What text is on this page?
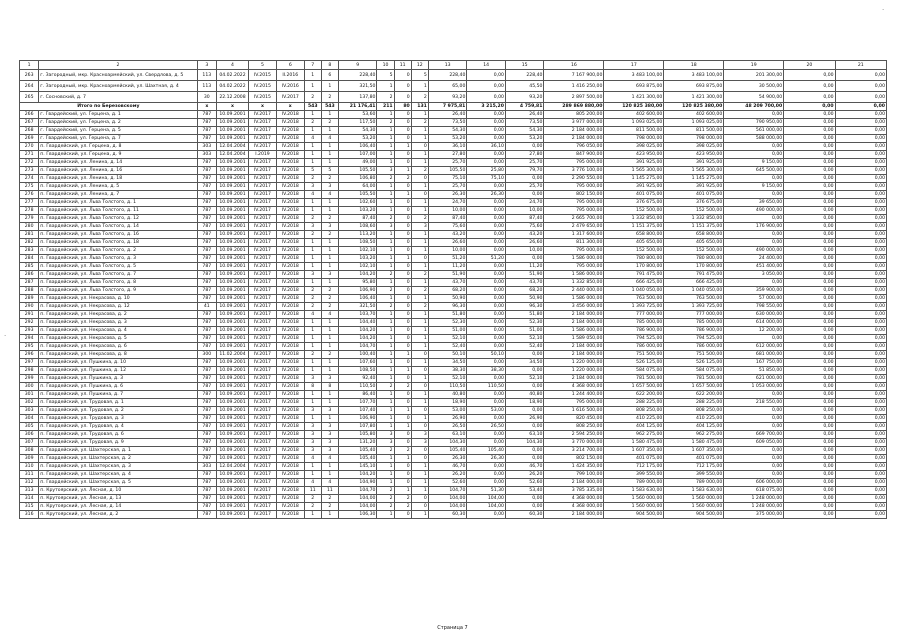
.
.
1	2	3	4	5	6	7	8	9	10	11	12	13	14	15	16	17	18	19	20	21
263	г. Загородный, мкр. Красноармейский, ул. Свердлова, д. 5	113	04.02.2022	IV.2015	II.2016	1	6	228,40	5	0	5	228,40	0,00	228,40	7 167 900,00	3 483 100,00	3 483 100,00	201 300,00	0,00	0,00
264	г. Загородный, мкр. Красноармейский, ул. Шахтная, д. 4	113	04.02.2022	IV.2015	IV.2016	1	1	321,50	1	0	1	65,00	0,00	45,50	1 416 250,00	693 875,00	693 875,00	30 500,00	0,00	0,00
265	г. Сосновский, д. 7	30	22.12.2008	IV.2015	IV.2017	2	2	137,80	2	0	2	93,20	0,00	93,20	2 897 500,00	1 421 300,00	1 421 300,00	54 900,00	0,00	0,00
Итого по Березовскому		x	x	x	x	543	543	21 176,41	211	80	131	7 975,81	3 215,20	4 759,81	289 869 880,00	120 825 380,00	120 825 380,00	48 209 700,00	0,00	0,00
266	г. Гвардейский, ул. Герцена, д. 1	787	10.09.2001	IV.2017	IV.2018	1	1	53,60	1	0	1	26,40	0,00	26,40	805 200,00	402 600,00	402 600,00	0,00	0,00	0,00
267	г. Гвардейский, ул. Герцена, д. 2	787	10.09.2001	IV.2017	IV.2018	2	2	117,50	2	0	2	73,50	0,00	73,50	3 977 000,00	1 093 025,00	1 093 025,00	790 950,00	0,00	0,00
268	г. Гвардейский, ул. Герцена, д. 5	787	10.09.2001	IV.2017	IV.2018	1	1	54,30	1	0	1	54,30	0,00	54,30	2 184 000,00	811 500,00	811 500,00	561 000,00	0,00	0,00
269	г. Гвардейский, ул. Герцена, д. 7	787	10.09.2001	IV.2017	IV.2018	4	4	53,20	1	0	1	53,20	0,00	53,20	2 184 000,00	798 000,00	798 000,00	588 000,00	0,00	0,00
270	п. Гвардейский, ул. Герцена, д. 8	303	12.04.2004	IV.2017	IV.2018	1	1	106,40	1	1	0	36,10	36,10	0,00	796 050,00	398 025,00	398 025,00	0,00	0,00	0,00
271	п. Гвардейский, ул. Герцена, д. 9	303	12.04.2004	I.2019	IV.2018	1	1	107,00	1	0	1	27,80	0,00	27,80	847 900,00	423 950,00	423 950,00	0,00	0,00	0,00
272	п. Гвардейский, ул. Ленина, д. 14	787	10.09.2001	IV.2017	IV.2018	1	1	49,00	1	0	1	25,70	0,00	25,70	795 000,00	391 925,00	391 925,00	9 150,00	0,00	0,00
273	п. Гвардейский, ул. Ленина, д. 16	787	10.09.2001	IV.2017	IV.2018	5	5	105,50	3	1	2	105,50	25,80	79,70	3 776 100,00	1 565 300,00	1 565 300,00	645 500,00	0,00	0,00
274	п. Гвардейский, ул. Ленина, д. 18	787	10.09.2001	IV.2017	IV.2018	2	2	106,80	2	2	0	75,10	75,10	0,00	2 290 550,00	1 145 275,00	1 145 275,00	0,00	0,00	0,00
275	п. Гвардейский, ул. Ленина, д. 5	787	10.09.2001	IV.2017	IV.2018	3	3	64,00	1	0	1	25,70	0,00	25,70	795 000,00	391 925,00	391 925,00	9 150,00	0,00	0,00
276	п. Гвардейский, ул. Ленина, д. 7	787	10.09.2001	IV.2017	IV.2018	4	4	105,50	1	1	0	26,30	26,30	0,00	802 150,00	401 075,00	401 075,00	0,00	0,00	0,00
277	п. Гвардейский, ул. Льва Толстого, д. 1	787	10.09.2001	IV.2017	IV.2018	1	1	102,60	1	0	1	24,70	0,00	24,70	795 000,00	376 675,00	376 675,00	39 650,00	0,00	0,00
278	п. Гвардейский, ул. Льва Толстого, д. 11	787	10.09.2001	IV.2017	IV.2018	1	1	103,20	1	0	1	10,00	0,00	10,00	795 000,00	152 500,00	152 500,00	490 000,00	0,00	0,00
279	п. Гвардейский, ул. Льва Толстого, д. 12	787	10.09.2001	IV.2017	IV.2018	2	2	87,40	2	0	2	87,40	0,00	87,40	2 665 700,00	1 332 850,00	1 332 850,00	0,00	0,00	0,00
280	п. Гвардейский, ул. Льва Толстого, д. 14	787	10.09.2001	IV.2017	IV.2018	3	3	108,60	3	0	3	75,60	0,00	75,60	2 479 650,00	1 151 375,00	1 151 375,00	176 900,00	0,00	0,00
281	п. Гвардейский, ул. Льва Толстого, д. 16	787	10.09.2001	IV.2017	IV.2018	2	2	113,20	1	0	1	43,20	0,00	43,20	1 317 600,00	658 800,00	658 800,00	0,00	0,00	0,00
282	п. Гвардейский, ул. Льва Толстого, д. 18	787	10.09.2001	IV.2017	IV.2018	1	1	108,50	1	0	1	26,60	0,00	26,60	811 300,00	405 650,00	405 650,00	0,00	0,00	0,00
283	п. Гвардейский, ул. Льва Толстого, д. 2	787	10.09.2001	IV.2017	IV.2018	1	1	102,10	1	0	1	10,00	0,00	10,00	795 000,00	152 500,00	152 500,00	490 000,00	0,00	0,00
284	п. Гвардейский, ул. Льва Толстого, д. 3	787	10.09.2001	IV.2017	IV.2018	1	1	103,20	1	1	0	51,20	51,20	0,00	1 586 000,00	780 800,00	780 800,00	24 400,00	0,00	0,00
285	п. Гвардейский, ул. Льва Толстого, д. 5	787	10.09.2001	IV.2017	IV.2018	1	1	102,10	1	0	1	11,20	0,00	11,20	795 000,00	170 800,00	170 800,00	451 400,00	0,00	0,00
286	п. Гвардейский, ул. Льва Толстого, д. 7	787	10.09.2001	IV.2017	IV.2018	3	3	104,20	2	0	2	51,90	0,00	51,90	1 586 000,00	791 475,00	791 475,00	3 050,00	0,00	0,00
287	п. Гвардейский, ул. Льва Толстого, д. 8	787	10.09.2001	IV.2017	IV.2018	1	1	95,80	1	0	1	43,70	0,00	43,70	1 332 850,00	666 425,00	666 425,00	0,00	0,00	0,00
288	п. Гвардейский, ул. Льва Толстого, д. 9	787	10.09.2001	IV.2017	IV.2018	2	2	106,90	2	0	2	68,20	0,00	68,20	2 440 000,00	1 040 050,00	1 040 050,00	359 900,00	0,00	0,00
289	п. Гвардейский, ул. Некрасова, д. 10	787	10.09.2001	IV.2017	IV.2018	2	2	106,40	1	0	1	50,90	0,00	50,90	1 586 000,00	763 500,00	763 500,00	57 000,00	0,00	0,00
290	п. Гвардейский, ул. Некрасова, д. 12	41	10.09.2001	IV.2017	IV.2018	2	2	321,50	2	0	2	96,30	0,00	96,30	3 456 000,00	1 393 725,00	1 393 725,00	798 550,00	0,00	0,00
291	п. Гвардейский, ул. Некрасова, д. 2	787	10.09.2001	IV.2017	IV.2018	4	4	103,70	1	0	1	51,80	0,00	51,80	2 184 000,00	777 000,00	777 000,00	630 000,00	0,00	0,00
292	п. Гвардейский, ул. Некрасова, д. 3	787	10.09.2001	IV.2017	IV.2018	1	1	104,40	1	0	1	52,30	0,00	52,30	2 184 000,00	785 000,00	785 000,00	614 000,00	0,00	0,00
293	п. Гвардейский, ул. Некрасова, д. 4	787	10.09.2001	IV.2017	IV.2018	1	1	104,20	1	0	1	51,00	0,00	51,00	1 586 000,00	786 900,00	786 900,00	12 200,00	0,00	0,00
294	п. Гвардейский, ул. Некрасова, д. 5	787	10.09.2001	IV.2017	IV.2018	1	1	104,20	1	0	1	52,10	0,00	52,10	1 589 050,00	794 525,00	794 525,00	0,00	0,00	0,00
295	п. Гвардейский, ул. Некрасова, д. 6	787	10.09.2001	IV.2017	IV.2018	1	1	104,70	1	0	1	52,40	0,00	52,40	2 184 000,00	786 000,00	786 000,00	612 000,00	0,00	0,00
296	п. Гвардейский, ул. Некрасова, д. 8	300	11.02.2004	IV.2017	IV.2018	2	2	100,40	1	1	0	50,10	50,10	0,00	2 184 000,00	751 500,00	751 500,00	681 000,00	0,00	0,00
297	п. Гвардейский, ул. Пушкина, д. 10	787	10.09.2001	IV.2017	IV.2018	1	1	107,60	1	0	1	34,50	0,00	34,50	1 220 000,00	526 125,00	526 125,00	167 750,00	0,00	0,00
298	п. Гвардейский, ул. Пушкина, д. 12	787	10.09.2001	IV.2017	IV.2018	1	1	108,50	1	1	0	38,30	38,30	0,00	1 220 000,00	584 075,00	584 075,00	51 850,00	0,00	0,00
299	п. Гвардейский, ул. Пушкина, д. 3	787	10.09.2001	IV.2017	IV.2018	3	3	92,40	1	0	1	52,10	0,00	52,10	2 184 000,00	781 500,00	781 500,00	621 000,00	0,00	0,00
300	п. Гвардейский, ул. Пушкина, д. 6	787	10.09.2001	IV.2017	IV.2018	8	8	110,50	2	2	0	110,50	110,50	0,00	4 368 000,00	1 657 500,00	1 657 500,00	1 053 000,00	0,00	0,00
301	п. Гвардейский, ул. Пушкина, д. 7	787	10.09.2001	IV.2017	IV.2018	1	1	86,40	1	0	1	40,80	0,00	40,80	1 244 400,00	622 200,00	622 200,00	0,00	0,00	0,00
302	п. Гвардейский, ул. Трудовая, д. 1	787	10.09.2001	IV.2017	IV.2018	1	1	107,70	1	0	1	18,90	0,00	18,90	795 000,00	288 225,00	288 225,00	218 550,00	0,00	0,00
303	п. Гвардейский, ул. Трудовая, д. 2	787	10.09.2001	IV.2017	IV.2018	3	3	107,40	1	1	0	53,00	53,00	0,00	1 616 500,00	808 250,00	808 250,00	0,00	0,00	0,00
304	п. Гвардейский, ул. Трудовая, д. 3	787	10.09.2001	IV.2017	IV.2018	1	1	106,90	1	0	1	26,90	0,00	26,90	820 450,00	410 225,00	410 225,00	0,00	0,00	0,00
305	п. Гвардейский, ул. Трудовая, д. 4	787	10.09.2001	IV.2017	IV.2018	3	3	107,80	1	1	0	26,50	26,50	0,00	808 250,00	404 125,00	404 125,00	0,00	0,00	0,00
306	п. Гвардейский, ул. Трудовая, д. 6	787	10.09.2001	IV.2017	IV.2018	3	3	105,80	3	0	3	63,10	0,00	63,10	2 594 250,00	962 275,00	962 275,00	669 700,00	0,00	0,00
307	п. Гвардейский, ул. Трудовая, д. 9	787	10.09.2001	IV.2017	IV.2018	3	3	131,20	3	0	3	104,30	0,00	104,30	3 770 000,00	1 580 475,00	1 580 475,00	609 050,00	0,00	0,00
308	п. Гвардейский, ул. Шахтерская, д. 1	787	10.09.2001	IV.2017	IV.2018	3	3	105,40	2	2	0	105,40	105,40	0,00	3 214 700,00	1 607 350,00	1 607 350,00	0,00	0,00	0,00
309	п. Гвардейский, ул. Шахтерская, д. 2	787	10.09.2001	IV.2017	IV.2018	4	4	105,40	1	1	0	26,30	26,30	0,00	802 150,00	401 075,00	401 075,00	0,00	0,00	0,00
310	п. Гвардейский, ул. Шахтерская, д. 3	303	12.04.2004	IV.2017	IV.2018	1	1	145,10	1	0	1	46,70	0,00	46,70	1 424 350,00	712 175,00	712 175,00	0,00	0,00	0,00
311	п. Гвардейский, ул. Шахтерская, д. 4	787	10.09.2001	IV.2017	IV.2018	1	1	104,20	1	0	1	26,20	0,00	26,20	799 100,00	399 550,00	399 550,00	0,00	0,00	0,00
312	п. Гвардейский, ул. Шахтерская, д. 5	787	10.09.2001	IV.2017	IV.2018	4	4	104,90	1	0	1	52,60	0,00	52,60	2 184 000,00	789 000,00	789 000,00	606 000,00	0,00	0,00
313	п. Крутоярский, ул. Лесная, д. 10	787	10.09.2001	IV.2017	IV.2018	11	11	104,70	2	1	1	104,70	51,30	53,40	3 785 335,00	1 583 630,00	1 583 630,00	618 075,00	0,00	0,00
314	п. Крутоярский, ул. Лесная, д. 13	787	10.09.2001	IV.2017	IV.2018	2	2	104,00	2	2	0	104,00	104,00	0,00	4 368 000,00	1 560 000,00	1 560 000,00	1 248 000,00	0,00	0,00
315	п. Крутоярский, ул. Лесная, д. 14	787	10.09.2001	IV.2017	IV.2018	2	2	104,00	2	2	0	104,00	104,00	0,00	4 368 000,00	1 560 000,00	1 560 000,00	1 248 000,00	0,00	0,00
316	п. Крутоярский, ул. Лесная, д. 2	787	10.09.2001	IV.2017	IV.2018	1	1	106,30	1	0	1	60,30	0,00	60,30	2 184 000,00	904 500,00	904 500,00	375 000,00	0,00	0,00
Страница 7
